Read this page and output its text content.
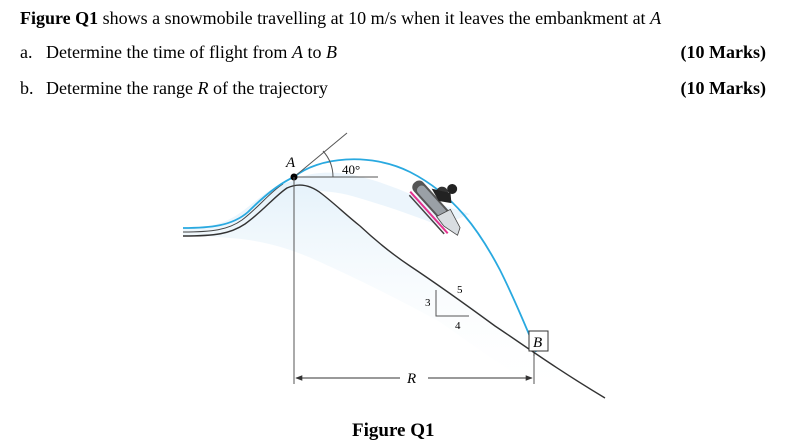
Figure Q1 shows a snowmobile travelling at 10 m/s when it leaves the embankment at A
a. Determine the time of flight from A to B	(10 Marks)
b. Determine the range R of the trajectory	(10 Marks)
40°
A
R
B
3
5
4
Figure Q1
